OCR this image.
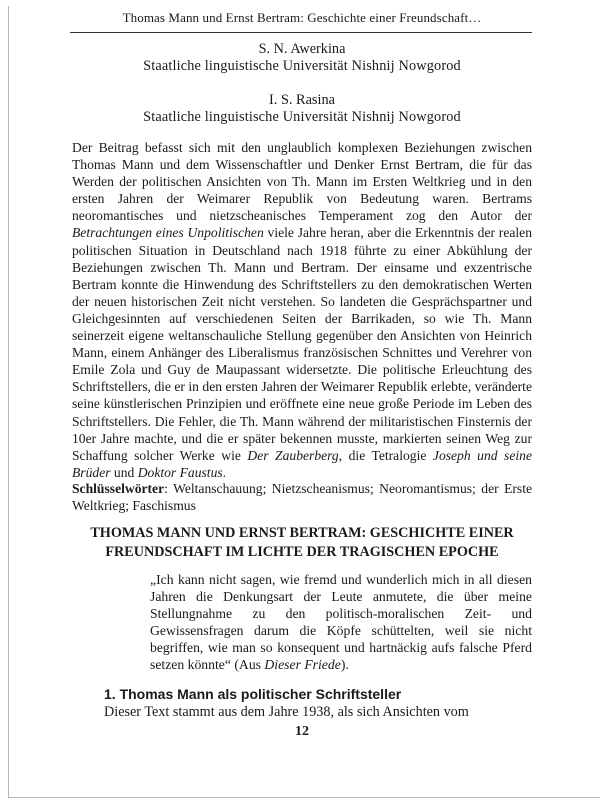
Thomas Mann und Ernst Bertram: Geschichte einer Freundschaft…
S. N. Awerkina
Staatliche linguistische Universität Nishnij Nowgorod
I. S. Rasina
Staatliche linguistische Universität Nishnij Nowgorod

Der Beitrag befasst sich mit den unglaublich komplexen Beziehungen zwischen Thomas Mann und dem Wissenschaftler und Denker Ernst Bertram, die für das Werden der politischen Ansichten von Th. Mann im Ersten Weltkrieg und in den ersten Jahren der Weimarer Republik von Bedeutung waren. Bertrams neoromantisches und nietzscheanisches Temperament zog den Autor der Betrachtungen eines Unpolitischen viele Jahre heran, aber die Erkenntnis der realen politischen Situation in Deutschland nach 1918 führte zu einer Abkühlung der Beziehungen zwischen Th. Mann und Bertram. Der einsame und exzentrische Bertram konnte die Hinwendung des Schriftstellers zu den demokratischen Werten der neuen historischen Zeit nicht verstehen. So landeten die Gesprächspartner und Gleichgesinnten auf verschiedenen Seiten der Barrikaden, so wie Th. Mann seinerzeit eigene weltanschauliche Stellung gegenüber den Ansichten von Heinrich Mann, einem Anhänger des Liberalismus französischen Schnittes und Verehrer von Emile Zola und Guy de Maupassant widersetzte. Die politische Erleuchtung des Schriftstellers, die er in den ersten Jahren der Weimarer Republik erlebte, veränderte seine künstlerischen Prinzipien und eröffnete eine neue große Periode im Leben des Schriftstellers. Die Fehler, die Th. Mann während der militaristischen Finsternis der 10er Jahre machte, und die er später bekennen musste, markierten seinen Weg zur Schaffung solcher Werke wie Der Zauberberg, die Tetralogie Joseph und seine Brüder und Doktor Faustus.

Schlüsselwörter: Weltanschauung; Nietzscheanismus; Neoromantismus; der Erste Weltkrieg; Faschismus

THOMAS MANN UND ERNST BERTRAM: GESCHICHTE EINER FREUNDSCHAFT IM LICHTE DER TRAGISCHEN EPOCHE

„Ich kann nicht sagen, wie fremd und wunderlich mich in all diesen Jahren die Denkungsart der Leute anmutete, die über meine Stellungnahme zu den politisch-moralischen Zeit- und Gewissensfragen darum die Köpfe schüttelten, weil sie nicht begriffen, wie man so konsequent und hartnäckig aufs falsche Pferd setzen könnte“ (Aus Dieser Friede).

1. Thomas Mann als politischer Schriftsteller
Dieser Text stammt aus dem Jahre 1938, als sich Ansichten vom
12
